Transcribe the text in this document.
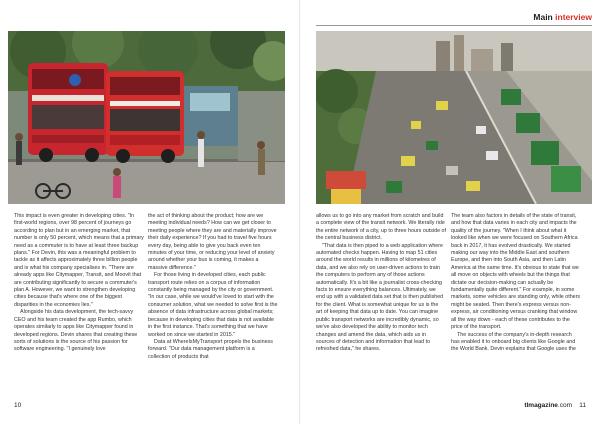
This impact is even greater in developing cities. "In first-world regions, over 98 percent of journeys go according to plan but in an emerging market, that number is only 50 percent, which means that a primary need as a commuter is to have at least three backup plans." For Devin, this was a meaningful problem to tackle as it affects approximately three billion people and is what his company specialises in. "There are already apps like Citymapper, Transit, and Moovit that are contributing significantly to secure a commuter's plan A. However, we want to strengthen developing cities because that's where one of the biggest disparities in the economies lies."

Alongside his data development, the tech-savvy CEO and his team created the app Rumbo, which operates similarly to apps like Citymapper found in developed regions. Devin shares that creating these sorts of solutions is the source of his passion for software engineering. "I genuinely love

the act of thinking about the product; how are we meeting individual needs? How can we get closer to meeting people where they are and materially improve their daily experience? If you had to travel five hours every day, being able to give you back even ten minutes of your time, or reducing your level of anxiety around whether your bus is coming, it makes a massive difference."

For those living in developed cities, each public transport route relies on a corpus of information constantly being managed by the city or government. "In our case, while we would've loved to start with the consumer solution, what we needed to solve first is the absence of data infrastructure across global markets; because in developing cities that data is not available in the first instance. That's something that we have worked on since we started in 2015."

Data at WhereIsMyTransport propels the business forward. "Our data management platform is a collection of products that

10
Main interview

allows us to go into any market from scratch and build a complete view of the transit network. We literally ride the entire network of a city, up to three hours outside of the central business district.

"That data is then piped to a web application where automated checks happen. Having to map 51 cities around the world results in millions of kilometres of data, and we also rely on user-driven actions to train the computers to perform any of those actions automatically. It's a bit like a journalist cross-checking facts to ensure everything balances. Ultimately, we end up with a validated data set that is then published for the client. What is somewhat unique for us is the art of keeping that data up to date. You can imagine public transport networks are incredibly dynamic, so we've also developed the ability to monitor tech changes and amend the data, which aids us in sources of detection and information that lead to refreshed data," he shares.

The team also factors in details of the state of transit, and how that data varies in each city and impacts the quality of the journey. "When I think about what it looked like when we were focused on Southern Africa back in 2017, it has evolved drastically. We started making our way into the Middle East and southern Europe, and then into South Asia, and then Latin America at the same time. It's obvious to state that we all move on objects with wheels but the things that dictate our decision-making can actually be fundamentally quite different." For example, in some markets, some vehicles are standing only, while others might be seated. Then there's express versus non-express, air conditioning versus cranking that window all the way down - each of these contributes to the price of the transport.

The success of the company's in-depth research has enabled it to onboard big clients like Google and the World Bank. Devin explains that Google uses the

tlmagazine.com 11
